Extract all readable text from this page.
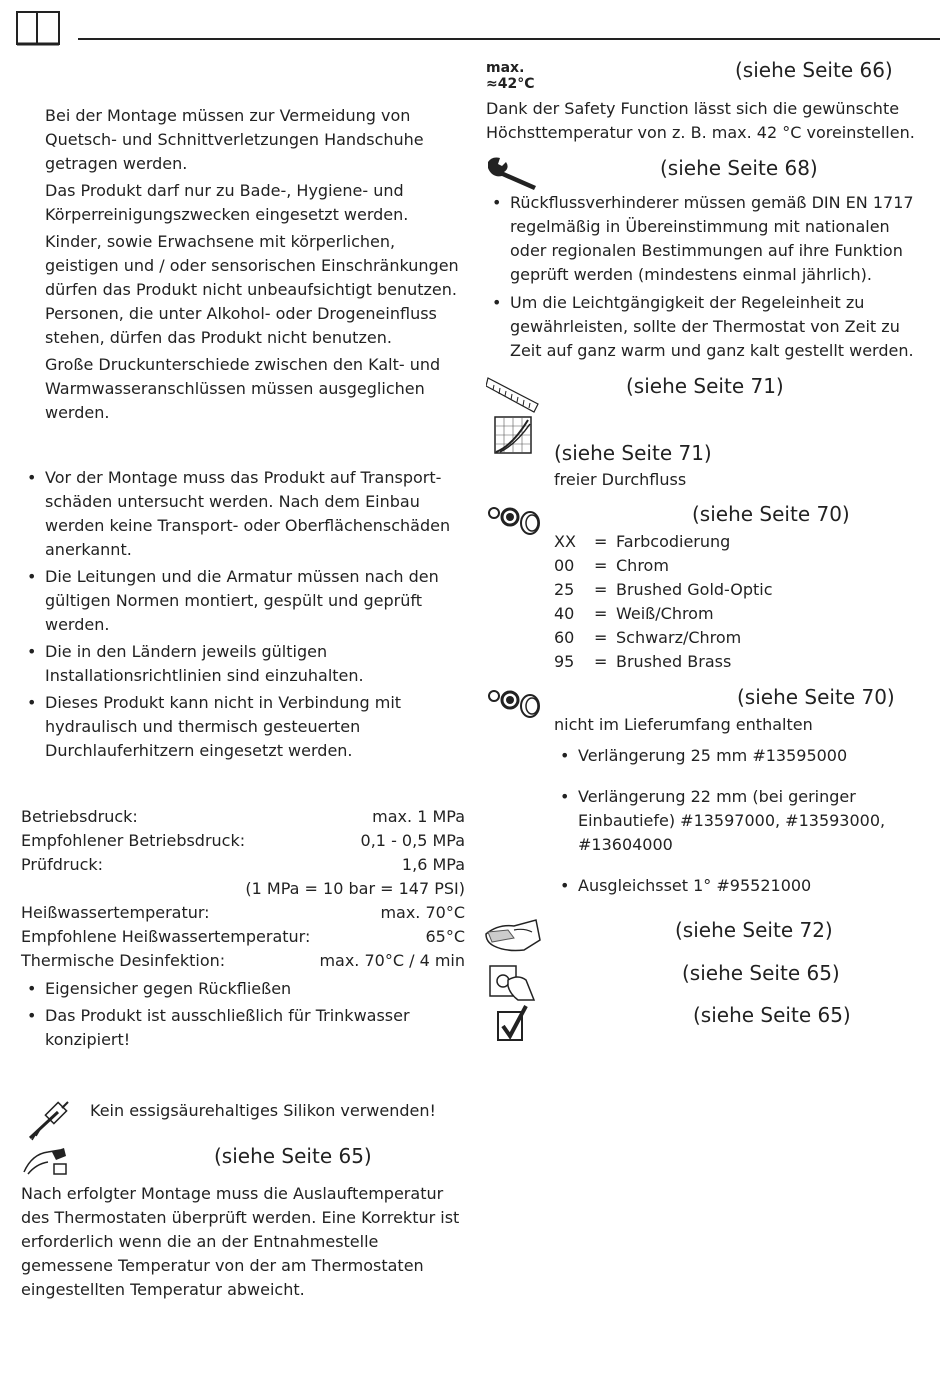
Bei der Montage müssen zur Vermeidung von Quetsch- und Schnittverletzungen Handschuhe getragen werden.

Das Produkt darf nur zu Bade-, Hygiene- und Körperreinigungszwecken eingesetzt werden.

Kinder, sowie Erwachsene mit körperlichen, geistigen und / oder sensorischen Einschränkungen dürfen das Produkt nicht unbeaufsichtigt benutzen. Personen, die unter Alkohol- oder Drogeneinfluss stehen, dürfen das Produkt nicht benutzen.

Große Druckunterschiede zwischen den Kalt- und Warmwasseranschlüssen müssen ausgeglichen werden.

• Vor der Montage muss das Produkt auf Transportschäden untersucht werden. Nach dem Einbau werden keine Transport- oder Oberflächenschäden anerkannt.
• Die Leitungen und die Armatur müssen nach den gültigen Normen montiert, gespült und geprüft werden.
• Die in den Ländern jeweils gültigen Installationsrichtlinien sind einzuhalten.
• Dieses Produkt kann nicht in Verbindung mit hydraulisch und thermisch gesteuerten Durchlauferhitzern eingesetzt werden.
Betriebsdruck:	max. 1 MPa
Empfohlener Betriebsdruck:	0,1 - 0,5 MPa
Prüfdruck:	1,6 MPa
(1 MPa = 10 bar = 147 PSI)
Heißwassertemperatur:	max. 70°C
Empfohlene Heißwassertemperatur:	65°C
Thermische Desinfektion:	max. 70°C / 4 min
• Eigensicher gegen Rückfließen
• Das Produkt ist ausschließlich für Trinkwasser konzipiert!
Kein essigsäurehaltiges Silikon verwenden!
(siehe Seite 65)

Nach erfolgter Montage muss die Auslauftemperatur des Thermostaten überprüft werden. Eine Korrektur ist erforderlich wenn die an der Entnahmestelle gemessene Temperatur von der am Thermostaten eingestellten Temperatur abweicht.

max.
≈42°C
(siehe Seite 66)

Dank der Safety Function lässt sich die gewünschte Höchsttemperatur von z. B. max. 42 °C voreinstellen.

(siehe Seite 68)
• Rückflussverhinderer müssen gemäß DIN EN 1717 regelmäßig in Übereinstimmung mit nationalen oder regionalen Bestimmungen auf ihre Funktion geprüft werden (mindestens einmal jährlich).
• Um die Leichtgängigkeit der Regeleinheit zu gewährleisten, sollte der Thermostat von Zeit zu Zeit auf ganz warm und ganz kalt gestellt werden.
(siehe Seite 71)
(siehe Seite 71)
freier Durchfluss
(siehe Seite 70)
XX	= Farbcodierung
00	= Chrom
25	= Brushed Gold-Optic
40	= Weiß/Chrom
60	= Schwarz/Chrom
95	= Brushed Brass
(siehe Seite 70)
nicht im Lieferumfang enthalten
• Verlängerung 25 mm #13595000
• Verlängerung 22 mm (bei geringer Einbautiefe) #13597000, #13593000, #13604000
• Ausgleichsset 1° #95521000
(siehe Seite 72)
(siehe Seite 65)
(siehe Seite 65)
